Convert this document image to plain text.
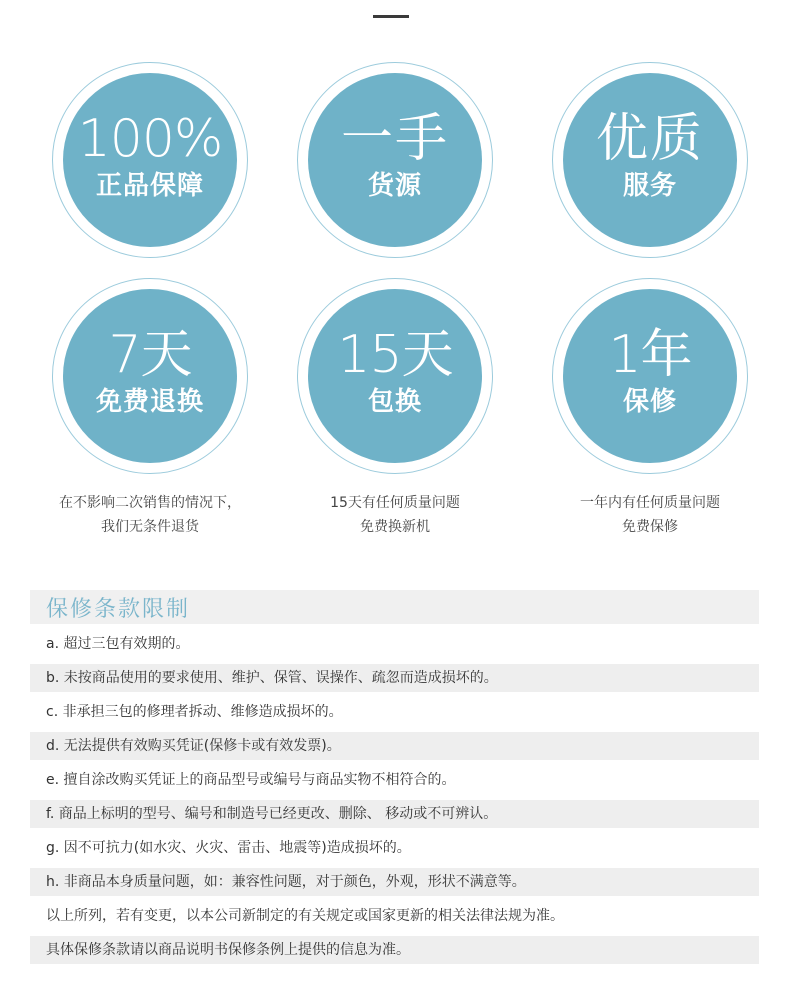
100%
正品保障
一手
货源
优质
服务
7天
免费退换
15天
包换
1年
保修
在不影响二次销售的情况下，
我们无条件退货
15天有任何质量问题
免费换新机
一年内有任何质量问题
免费保修
保修条款限制
a. 超过三包有效期的。
b. 未按商品使用的要求使用、维护、保管、误操作、疏忽而造成损坏的。
c. 非承担三包的修理者拆动、维修造成损坏的。
d. 无法提供有效购买凭证(保修卡或有效发票)。
e. 擅自涂改购买凭证上的商品型号或编号与商品实物不相符合的。
f. 商品上标明的型号、编号和制造号已经更改、删除、 移动或不可辨认。
g. 因不可抗力(如水灾、火灾、雷击、地震等)造成损坏的。
h. 非商品本身质量问题，如：兼容性问题，对于颜色，外观，形状不满意等。
以上所列，若有变更，以本公司新制定的有关规定或国家更新的相关法律法规为准。
具体保修条款请以商品说明书保修条例上提供的信息为准。
